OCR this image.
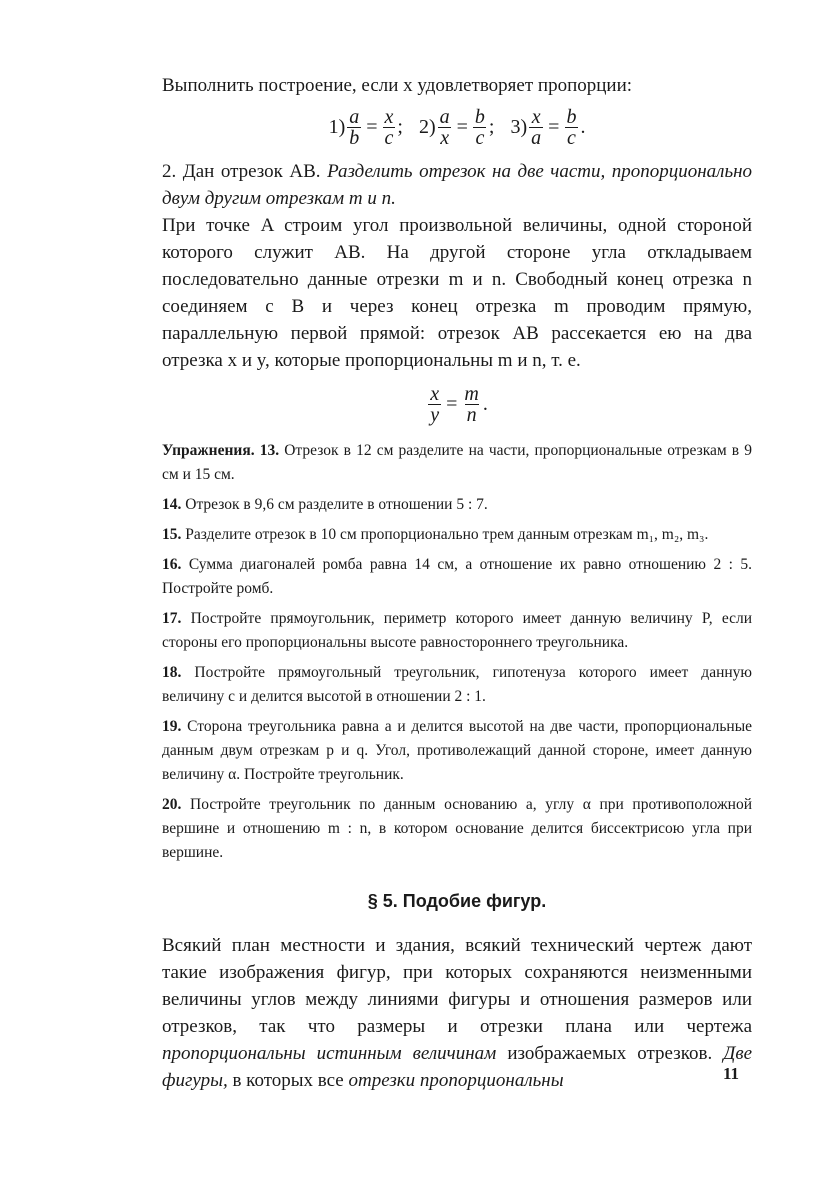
Выполнить построение, если x удовлетворяет пропорции:

$1) \frac{a}{b} = \frac{x}{c}$ ; $2) \frac{a}{x} = \frac{b}{c}$ ; $3) \frac{x}{a} = \frac{b}{c}$ .

2. Дан отрезок AB. Разделить отрезок на две части, пропорционально двум другим отрезкам m и n.

При точке A строим угол произвольной величины, одной стороной которого служит AB. На другой стороне угла откладываем последовательно данные отрезки m и n. Свободный конец отрезка n соединяем с B и через конец отрезка m проводим прямую, параллельную первой прямой: отрезок AB рассекается ею на два отрезка x и y, которые пропорциональны m и n, т. е.

$\frac{x}{y} = \frac{m}{n}$ .

Упражнения. 13. Отрезок в 12 см разделите на части, пропорциональные отрезкам в 9 см и 15 см.

14. Отрезок в 9,6 см разделите в отношении 5 : 7.

15. Разделите отрезок в 10 см пропорционально трем данным отрезкам m₁, m₂, m₃.

16. Сумма диагоналей ромба равна 14 см, а отношение их равно отношению 2 : 5. Постройте ромб.

17. Постройте прямоугольник, периметр которого имеет данную величину P, если стороны его пропорциональны высоте равностороннего треугольника.

18. Постройте прямоугольный треугольник, гипотенуза которого имеет данную величину c и делится высотой в отношении 2 : 1.

19. Сторона треугольника равна a и делится высотой на две части, пропорциональные данным двум отрезкам p и q. Угол, противолежащий данной стороне, имеет данную величину α. Постройте треугольник.

20. Постройте треугольник по данным основанию a, углу α при противоположной вершине и отношению m : n, в котором основание делится биссектрисою угла при вершине.

§ 5. Подобие фигур.

Всякий план местности и здания, всякий технический чертеж дают такие изображения фигур, при которых сохраняются неизменными величины углов между линиями фигуры и отношения размеров или отрезков, так что размеры и отрезки плана или чертежа пропорциональны истинным величинам изображаемых отрезков. Две фигуры, в которых все отрезки пропорциональны	11
